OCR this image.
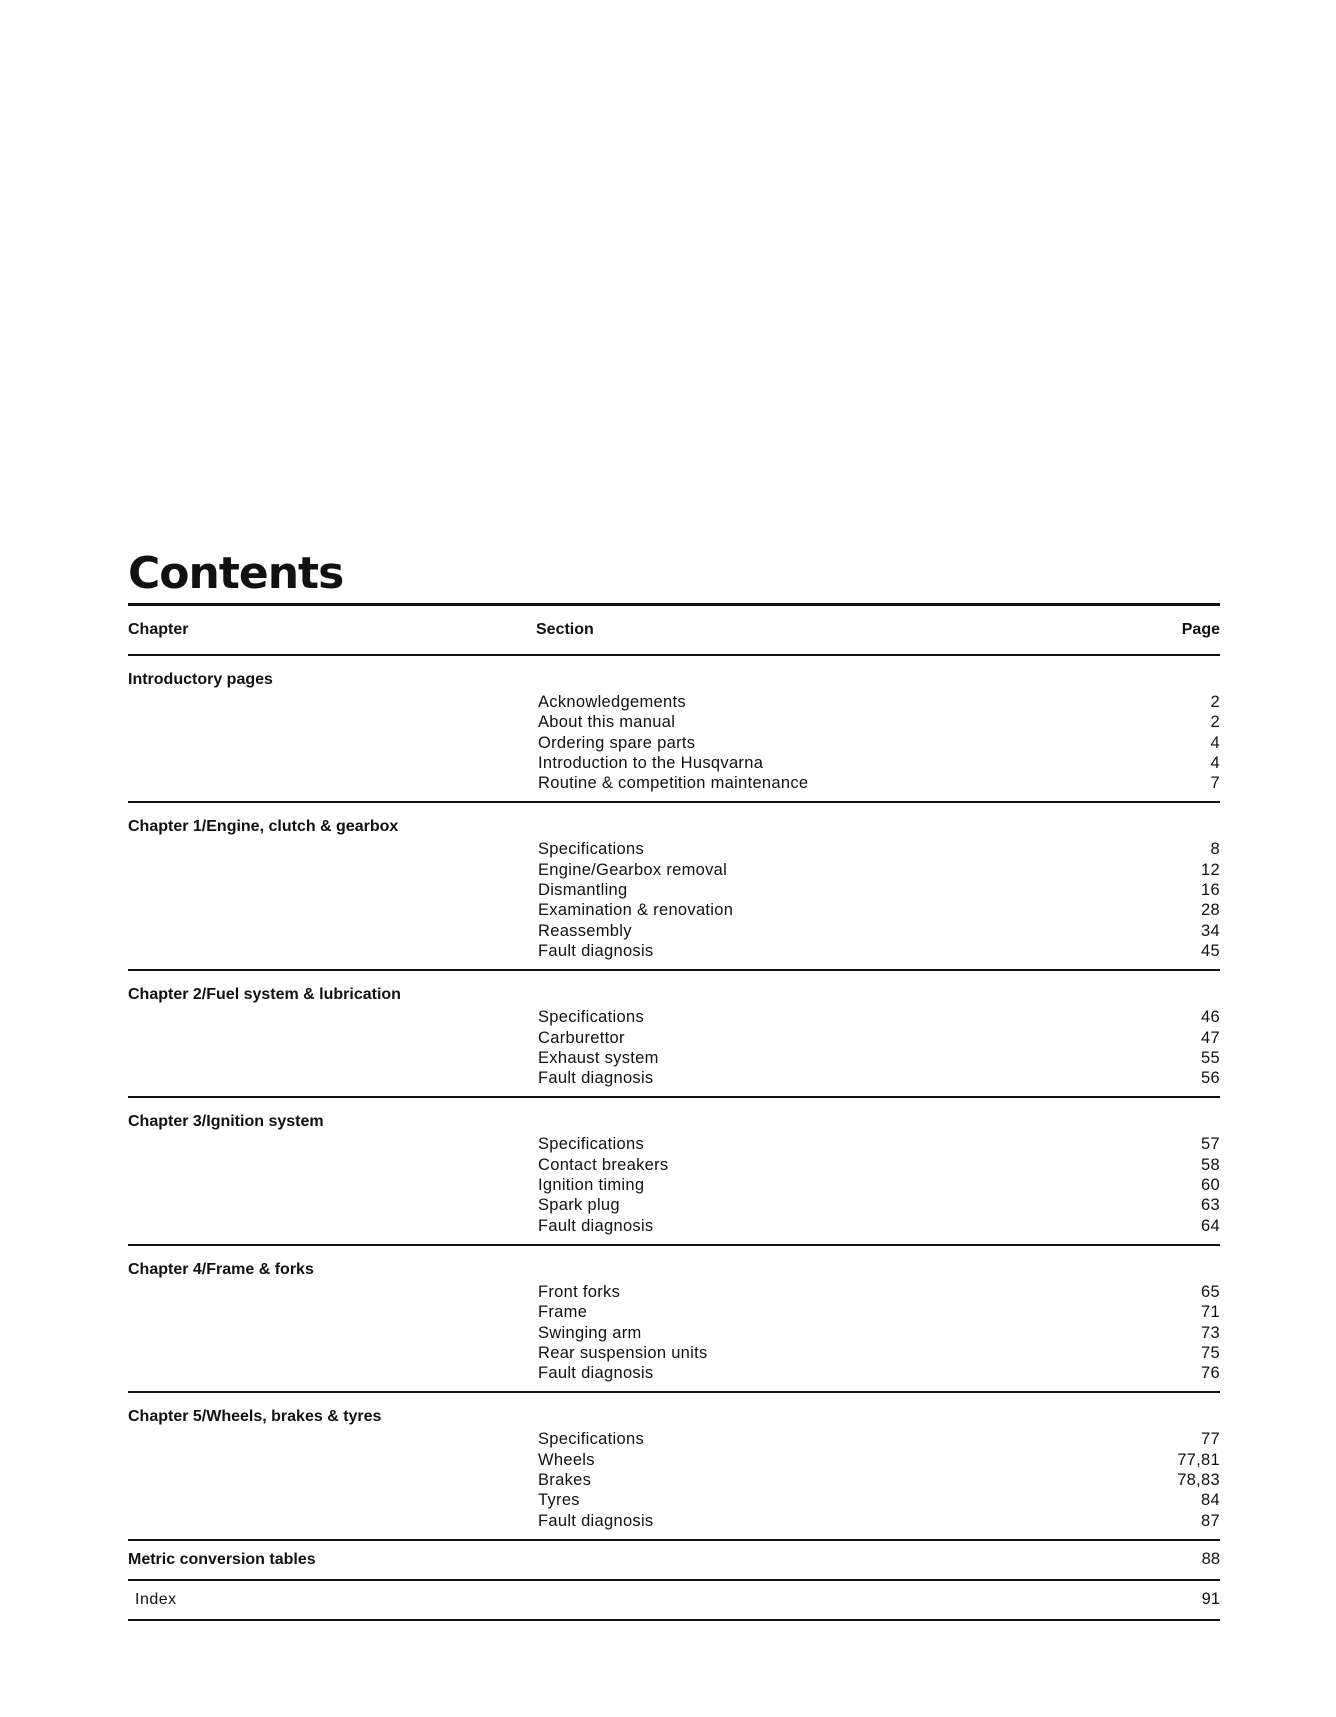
Contents
Chapter	Section	Page
Introductory pages
Acknowledgements	2
About this manual	2
Ordering spare parts	4
Introduction to the Husqvarna	4
Routine & competition maintenance	7
Chapter 1/Engine, clutch & gearbox
Specifications	8
Engine/Gearbox removal	12
Dismantling	16
Examination & renovation	28
Reassembly	34
Fault diagnosis	45
Chapter 2/Fuel system & lubrication
Specifications	46
Carburettor	47
Exhaust system	55
Fault diagnosis	56
Chapter 3/Ignition system
Specifications	57
Contact breakers	58
Ignition timing	60
Spark plug	63
Fault diagnosis	64
Chapter 4/Frame & forks
Front forks	65
Frame	71
Swinging arm	73
Rear suspension units	75
Fault diagnosis	76
Chapter 5/Wheels, brakes & tyres
Specifications	77
Wheels	77,81
Brakes	78,83
Tyres	84
Fault diagnosis	87
Metric conversion tables	88
Index	91
